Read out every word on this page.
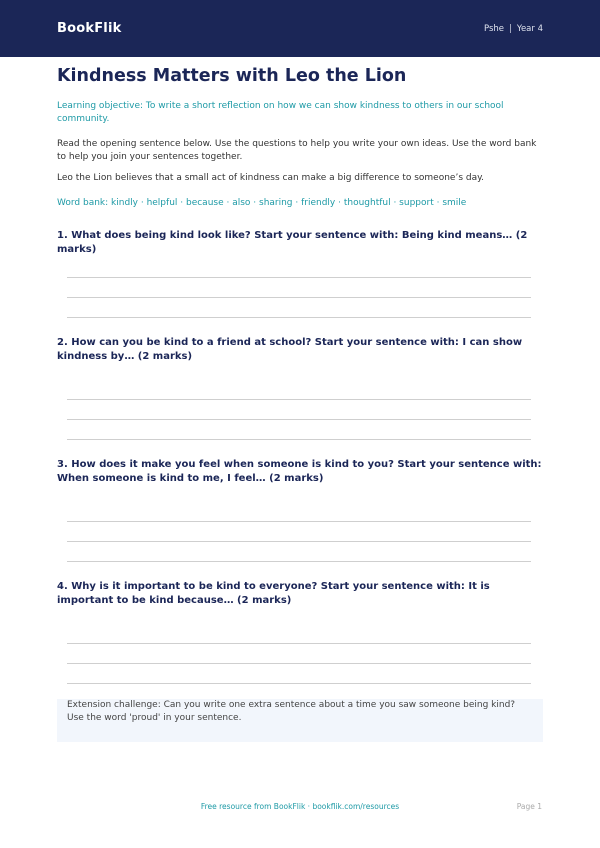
BookFlik	Pshe | Year 4
Kindness Matters with Leo the Lion
Learning objective: To write a short reflection on how we can show kindness to others in our school community.
Read the opening sentence below. Use the questions to help you write your own ideas. Use the word bank to help you join your sentences together.
Leo the Lion believes that a small act of kindness can make a big difference to someone’s day.
Word bank: kindly · helpful · because · also · sharing · friendly · thoughtful · support · smile
1. What does being kind look like? Start your sentence with: Being kind means… (2 marks)
2. How can you be kind to a friend at school? Start your sentence with: I can show kindness by… (2 marks)
3. How does it make you feel when someone is kind to you? Start your sentence with: When someone is kind to me, I feel… (2 marks)
4. Why is it important to be kind to everyone? Start your sentence with: It is important to be kind because… (2 marks)
Extension challenge: Can you write one extra sentence about a time you saw someone being kind? Use the word 'proud' in your sentence.
Free resource from BookFlik · bookflik.com/resources	Page 1
